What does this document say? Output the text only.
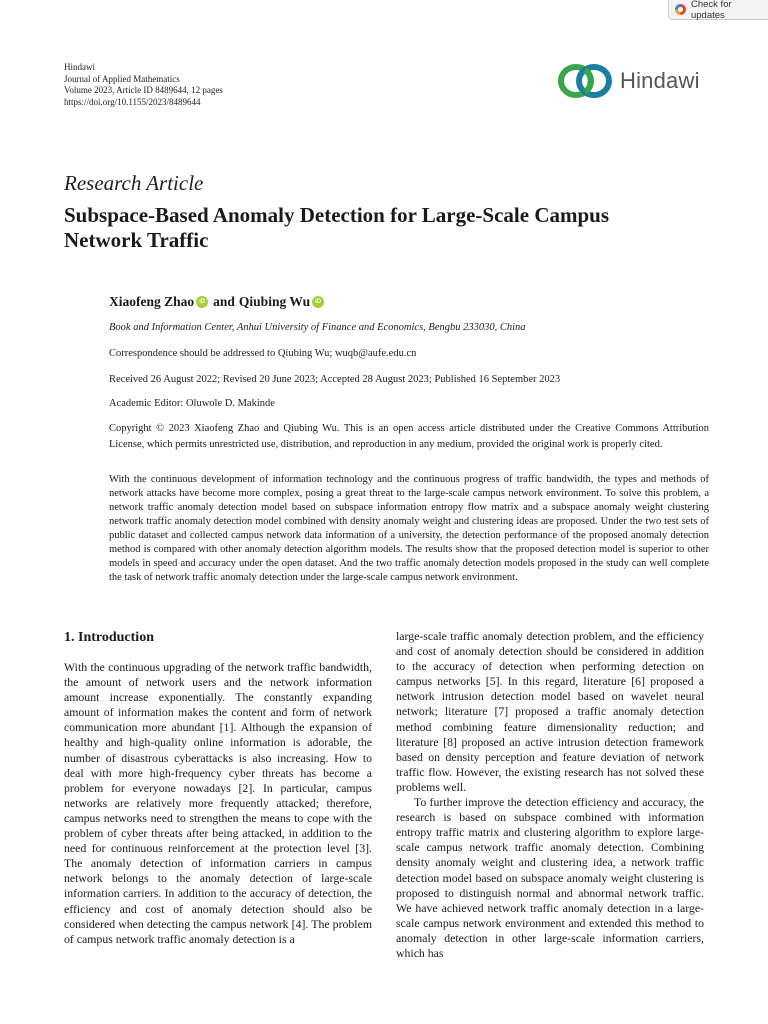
Check for updates
Hindawi
Journal of Applied Mathematics
Volume 2023, Article ID 8489644, 12 pages
https://doi.org/10.1155/2023/8489644
Hindawi
Research Article
Subspace-Based Anomaly Detection for Large-Scale Campus Network Traffic
Xiaofeng Zhao iD and Qiubing Wu iD
Book and Information Center, Anhui University of Finance and Economics, Bengbu 233030, China
Correspondence should be addressed to Qiubing Wu; wuqb@aufe.edu.cn
Received 26 August 2022; Revised 20 June 2023; Accepted 28 August 2023; Published 16 September 2023
Academic Editor: Oluwole D. Makinde
Copyright © 2023 Xiaofeng Zhao and Qiubing Wu. This is an open access article distributed under the Creative Commons Attribution License, which permits unrestricted use, distribution, and reproduction in any medium, provided the original work is properly cited.
With the continuous development of information technology and the continuous progress of traffic bandwidth, the types and methods of network attacks have become more complex, posing a great threat to the large-scale campus network environment. To solve this problem, a network traffic anomaly detection model based on subspace information entropy flow matrix and a subspace anomaly weight clustering network traffic anomaly detection model combined with density anomaly weight and clustering ideas are proposed. Under the two test sets of public dataset and collected campus network data information of a university, the detection performance of the proposed anomaly detection method is compared with other anomaly detection algorithm models. The results show that the proposed detection model is superior to other models in speed and accuracy under the open dataset. And the two traffic anomaly detection models proposed in the study can well complete the task of network traffic anomaly detection under the large-scale campus network environment.
1. Introduction

With the continuous upgrading of the network traffic bandwidth, the amount of network users and the network information amount increase exponentially. The constantly expanding amount of information makes the content and form of network communication more abundant [1]. Although the expansion of healthy and high-quality online information is adorable, the number of disastrous cyberattacks is also increasing. How to deal with more high-frequency cyber threats has become a problem for everyone nowadays [2]. In particular, campus networks are relatively more frequently attacked; therefore, campus networks need to strengthen the means to cope with the problem of cyber threats after being attacked, in addition to the need for continuous reinforcement at the protection level [3]. The anomaly detection of information carriers in campus network belongs to the anomaly detection of large-scale information carriers. In addition to the accuracy of detection, the efficiency and cost of anomaly detection should also be considered when detecting the campus network [4]. The problem of campus network traffic anomaly detection is a

large-scale traffic anomaly detection problem, and the efficiency and cost of anomaly detection should be considered in addition to the accuracy of detection when performing detection on campus networks [5]. In this regard, literature [6] proposed a network intrusion detection model based on wavelet neural network; literature [7] proposed a traffic anomaly detection method combining feature dimensionality reduction; and literature [8] proposed an active intrusion detection framework based on density perception and feature deviation of network traffic flow. However, the existing research has not solved these problems well.

To further improve the detection efficiency and accuracy, the research is based on subspace combined with information entropy traffic matrix and clustering algorithm to explore large-scale campus network traffic anomaly detection. Combining density anomaly weight and clustering idea, a network traffic detection model based on subspace anomaly weight clustering is proposed to distinguish normal and abnormal network traffic. We have achieved network traffic anomaly detection in a large-scale campus network environment and extended this method to anomaly detection in other large-scale information carriers, which has
